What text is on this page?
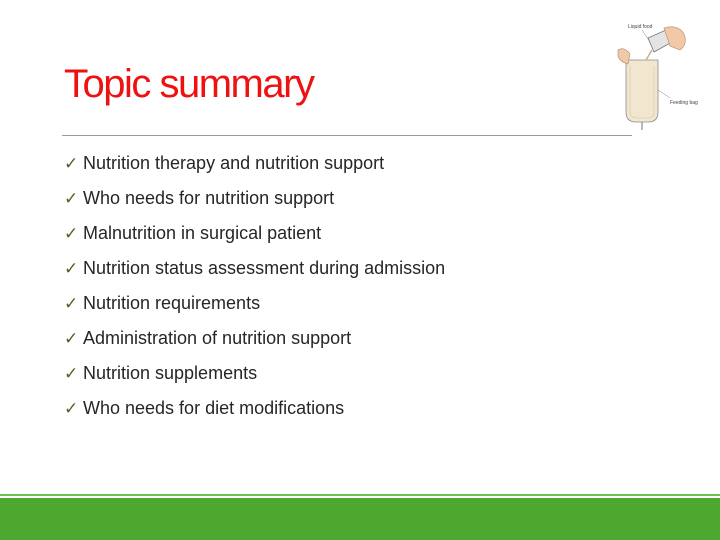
Topic summary
Liquid food
Feeding bag
✓ Nutrition therapy and nutrition support
✓ Who needs for nutrition support
✓ Malnutrition in surgical patient
✓ Nutrition status assessment during admission
✓ Nutrition requirements
✓ Administration of nutrition support
✓ Nutrition supplements
✓ Who needs for diet modifications
